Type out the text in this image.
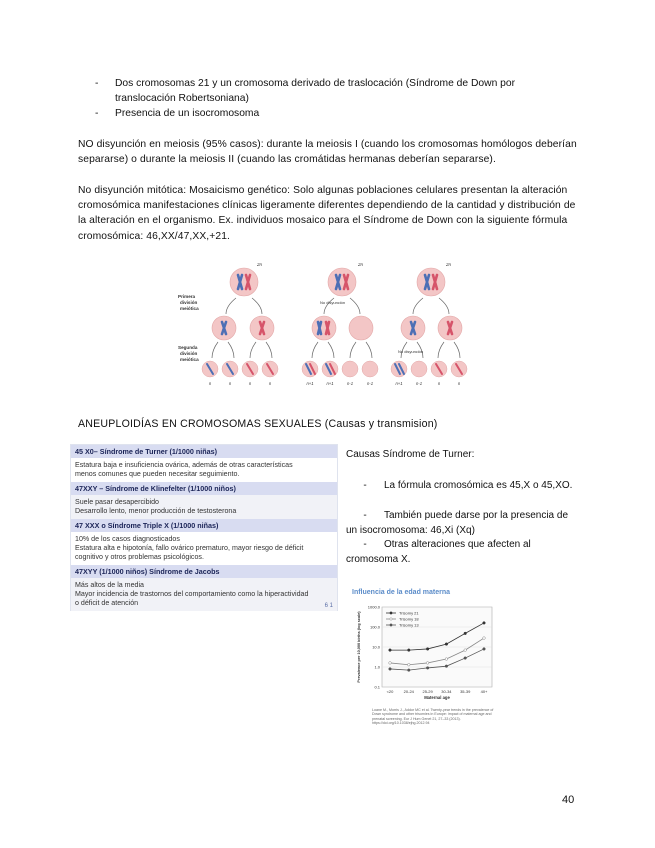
- Dos cromosomas 21 y un cromosoma derivado de traslocación (Síndrome de Down por translocación Robertsoniana)
- Presencia de un isocromosoma
NO disyunción en meiosis (95% casos): durante la meiosis I (cuando los cromosomas homólogos deberían separarse) o durante la meiosis II (cuando las cromátidas hermanas deberían separarse).
No disyunción mitótica: Mosaicismo genético: Solo algunas poblaciones celulares presentan la alteración cromosómica manifestaciones clínicas ligeramente diferentes dependiendo de la cantidad y distribución de la alteración en el organismo. Ex. individuos mosaico para el Síndrome de Down con la siguiente fórmula cromosómica: 46,XX/47,XX,+21.
Primera
división
meiótica
Segunda
división
meiótica
2n	2n	2n
No disyunción
No disyunción
n	n	n	n	n+1	n+1	n-1	n-1	n+1	n-1	n	n
ANEUPLOIDÍAS EN CROMOSOMAS SEXUALES (Causas y transmision)
45 X0– Síndrome de Turner (1/1000 niñas)
Estatura baja e insuficiencia ovárica, además de otras características
menos comunes que pueden necesitar seguimiento.
47XXY – Síndrome de Klinefelter (1/1000 niños)
Suele pasar desapercibido
Desarrollo lento, menor producción de testosterona
47 XXX o Síndrome Triple X (1/1000 niñas)
10% de los casos diagnosticados
Estatura alta e hipotonía, fallo ovárico prematuro, mayor riesgo de déficit
cognitivo y otros problemas psicológicos.
47XYY (1/1000 niños) Síndrome de Jacobs
Más altos de la media
Mayor incidencia de trastornos del comportamiento como la hiperactividad
o déficit de atención	6 1
Causas Síndrome de Turner:
- La fórmula cromosómica es 45,X o 45,XO.
- También puede darse por la presencia de un isocromosoma: 46,Xi (Xq)
- Otras alteraciones que afecten al cromosoma X.
Influencia de la edad materna
0.1
1.0
10.0
100.0
1000.0
<20	20-24 25-29 30-34 35-39	40+
Maternal age
Prevalence per 10,000 births (log scale)	Trisomy 21
Trisomy 18
Trisomy 13
Loane M., Morris J., Addor MC et al. Twenty-year trends in the prevalence of Down syndrome and other trisomies in Europe: impact of maternal age and prenatal screening. Eur J Hum Genet 21, 27–33 (2013). https://doi.org/10.1038/ejhg.2012.94
40
